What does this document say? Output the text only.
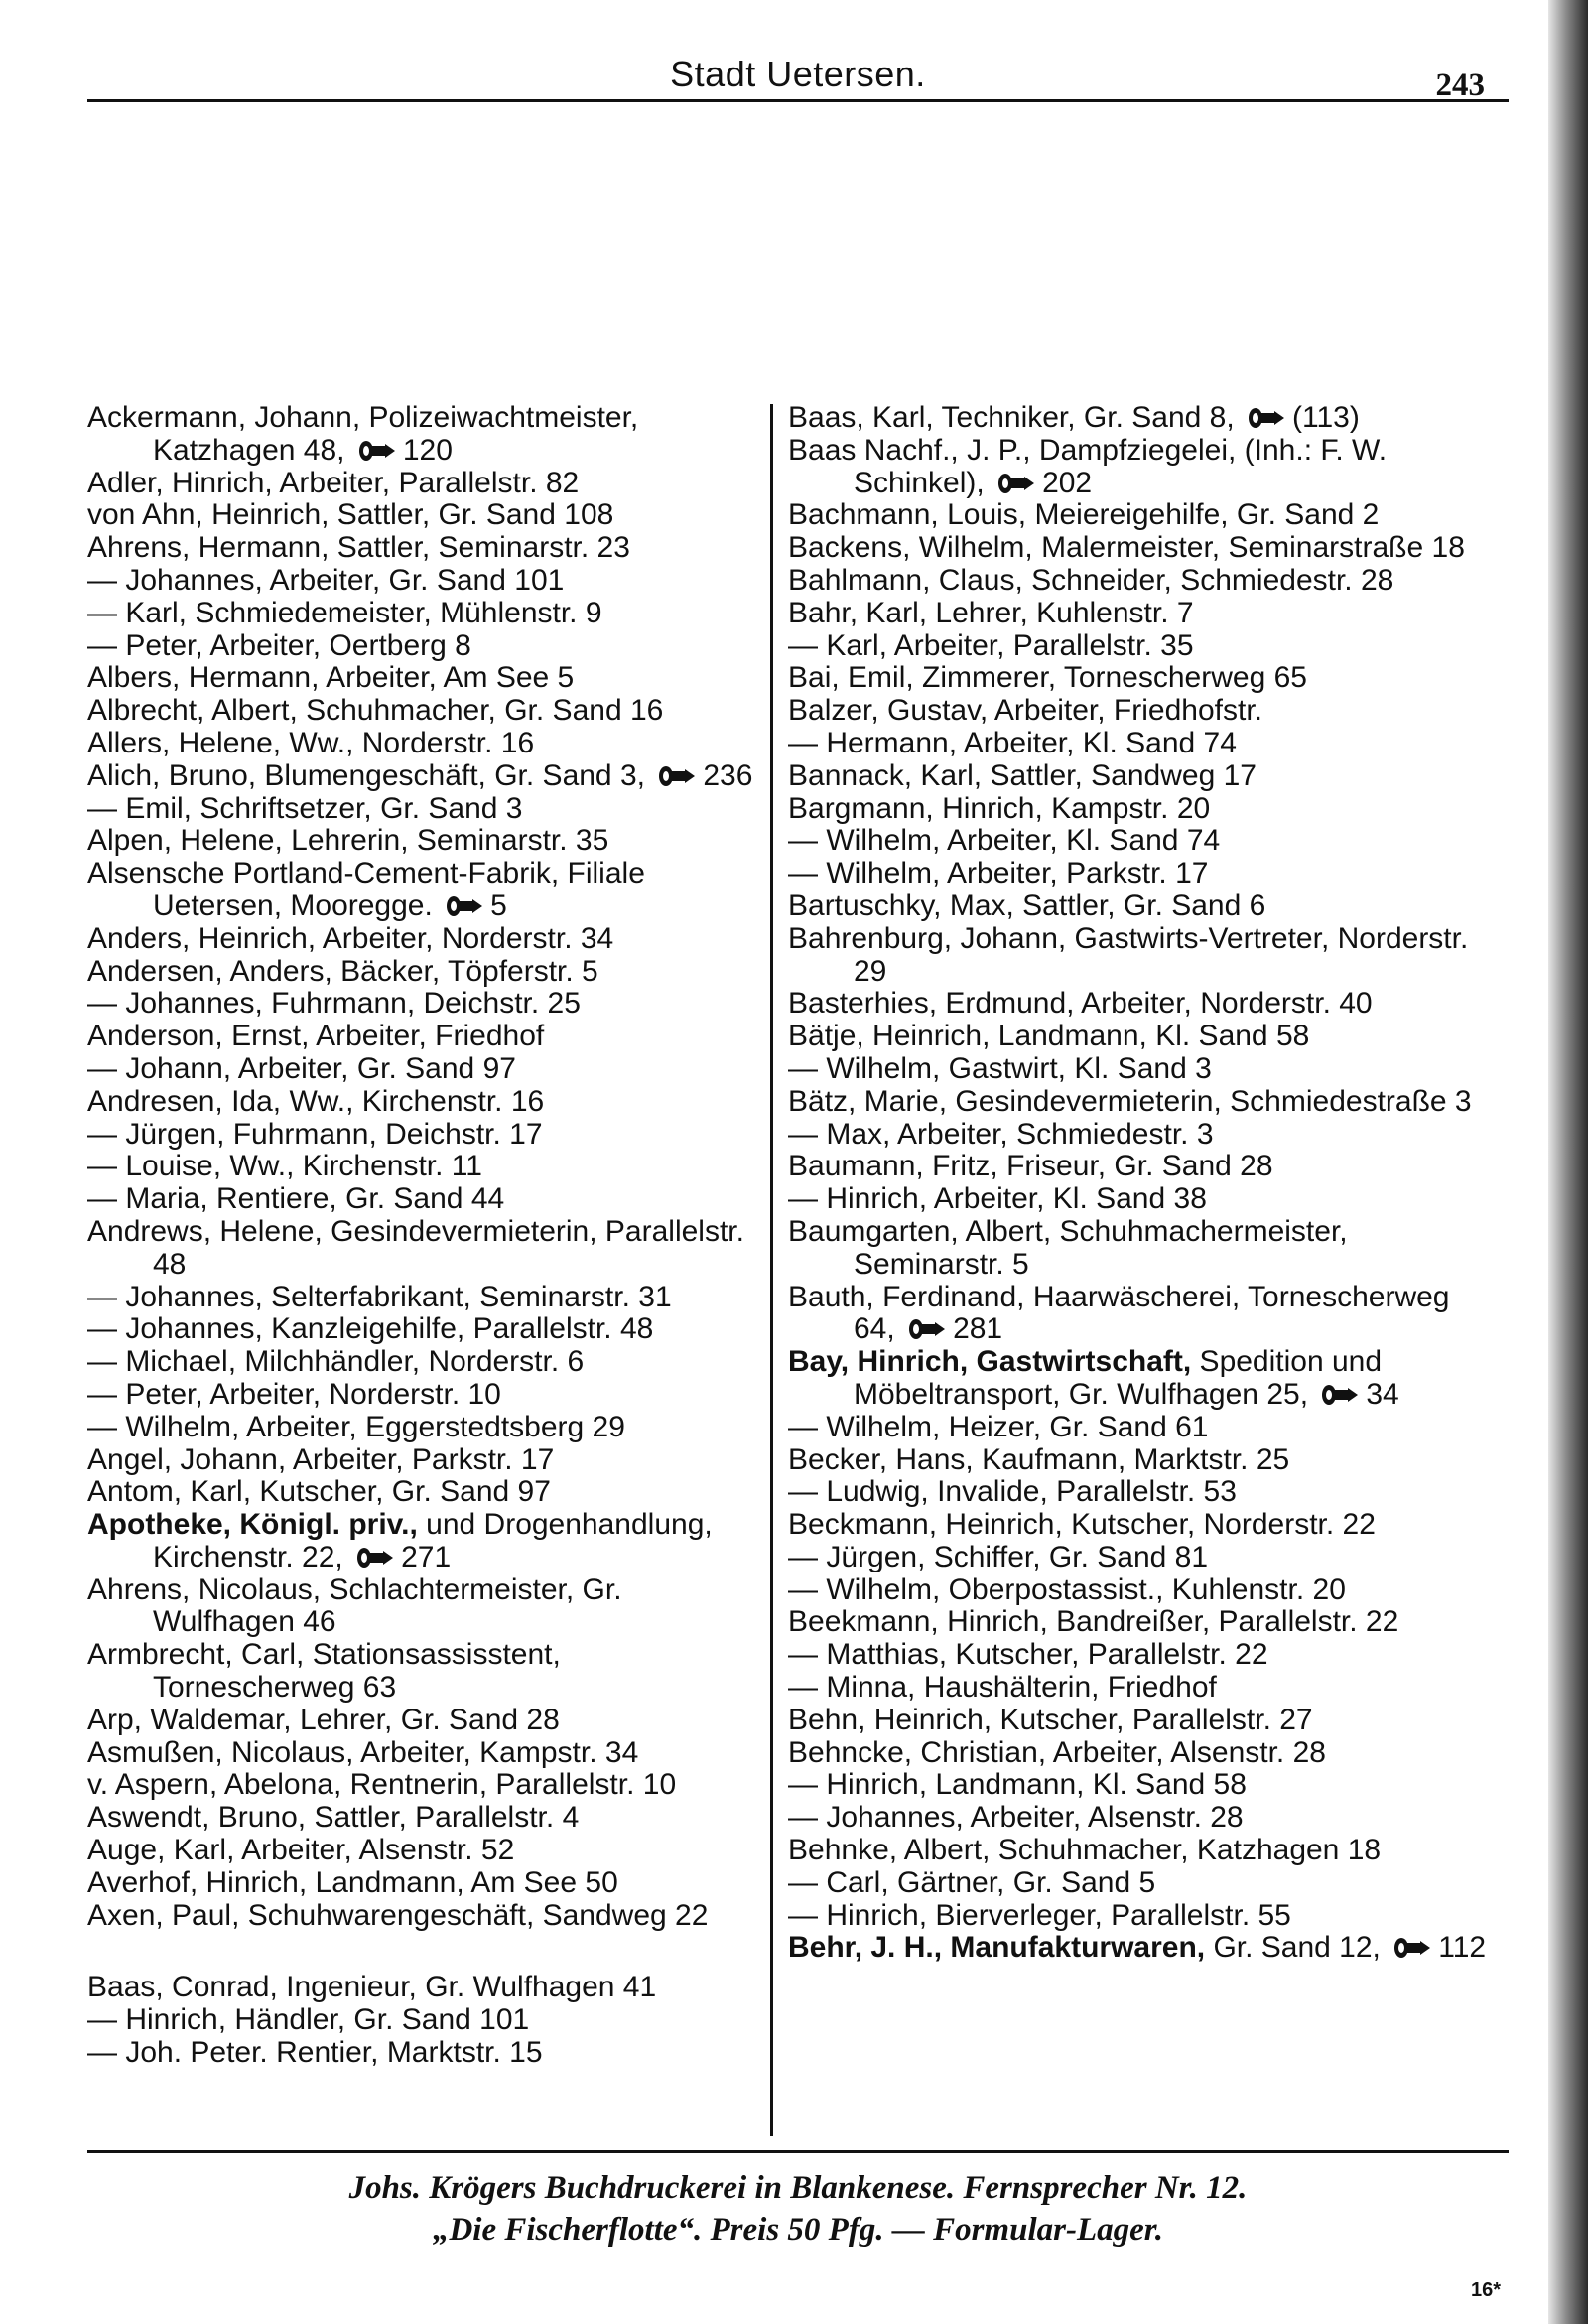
Stadt Uetersen.	243
Ackermann, Johann, Polizeiwachtmeister, Katzhagen 48, 120
Adler, Hinrich, Arbeiter, Parallelstr. 82
von Ahn, Heinrich, Sattler, Gr. Sand 108
Ahrens, Hermann, Sattler, Seminarstr. 23
— Johannes, Arbeiter, Gr. Sand 101
— Karl, Schmiedemeister, Mühlenstr. 9
— Peter, Arbeiter, Oertberg 8
Albers, Hermann, Arbeiter, Am See 5
Albrecht, Albert, Schuhmacher, Gr. Sand 16
Allers, Helene, Ww., Norderstr. 16
Alich, Bruno, Blumengeschäft, Gr. Sand 3, 236
— Emil, Schriftsetzer, Gr. Sand 3
Alpen, Helene, Lehrerin, Seminarstr. 35
Alsensche Portland-Cement-Fabrik, Filiale Uetersen, Mooregge. 5
Anders, Heinrich, Arbeiter, Norderstr. 34
Andersen, Anders, Bäcker, Töpferstr. 5
— Johannes, Fuhrmann, Deichstr. 25
Anderson, Ernst, Arbeiter, Friedhof
— Johann, Arbeiter, Gr. Sand 97
Andresen, Ida, Ww., Kirchenstr. 16
— Jürgen, Fuhrmann, Deichstr. 17
— Louise, Ww., Kirchenstr. 11
— Maria, Rentiere, Gr. Sand 44
Andrews, Helene, Gesindevermieterin, Parallelstr. 48
— Johannes, Selterfabrikant, Seminarstr. 31
— Johannes, Kanzleigehilfe, Parallelstr. 48
— Michael, Milchhändler, Norderstr. 6
— Peter, Arbeiter, Norderstr. 10
— Wilhelm, Arbeiter, Eggerstedtsberg 29
Angel, Johann, Arbeiter, Parkstr. 17
Antom, Karl, Kutscher, Gr. Sand 97
Apotheke, Königl. priv., und Drogenhandlung, Kirchenstr. 22, 271
Ahrens, Nicolaus, Schlachtermeister, Gr. Wulfhagen 46
Armbrecht, Carl, Stationsassisstent, Tornescherweg 63
Arp, Waldemar, Lehrer, Gr. Sand 28
Asmußen, Nicolaus, Arbeiter, Kampstr. 34
v. Aspern, Abelona, Rentnerin, Parallelstr. 10
Aswendt, Bruno, Sattler, Parallelstr. 4
Auge, Karl, Arbeiter, Alsenstr. 52
Averhof, Hinrich, Landmann, Am See 50
Axen, Paul, Schuhwarengeschäft, Sandweg 22
Baas, Conrad, Ingenieur, Gr. Wulfhagen 41
— Hinrich, Händler, Gr. Sand 101
— Joh. Peter. Rentier, Marktstr. 15
Baas, Karl, Techniker, Gr. Sand 8, (113)
Baas Nachf., J. P., Dampfziegelei, (Inh.: F. W. Schinkel), 202
Bachmann, Louis, Meiereigehilfe, Gr. Sand 2
Backens, Wilhelm, Malermeister, Seminarstraße 18
Bahlmann, Claus, Schneider, Schmiedestr. 28
Bahr, Karl, Lehrer, Kuhlenstr. 7
— Karl, Arbeiter, Parallelstr. 35
Bai, Emil, Zimmerer, Tornescherweg 65
Balzer, Gustav, Arbeiter, Friedhofstr.
— Hermann, Arbeiter, Kl. Sand 74
Bannack, Karl, Sattler, Sandweg 17
Bargmann, Hinrich, Kampstr. 20
— Wilhelm, Arbeiter, Kl. Sand 74
— Wilhelm, Arbeiter, Parkstr. 17
Bartuschky, Max, Sattler, Gr. Sand 6
Bahrenburg, Johann, Gastwirts-Vertreter, Norderstr. 29
Basterhies, Erdmund, Arbeiter, Norderstr. 40
Bätje, Heinrich, Landmann, Kl. Sand 58
— Wilhelm, Gastwirt, Kl. Sand 3
Bätz, Marie, Gesindevermieterin, Schmiedestraße 3
— Max, Arbeiter, Schmiedestr. 3
Baumann, Fritz, Friseur, Gr. Sand 28
— Hinrich, Arbeiter, Kl. Sand 38
Baumgarten, Albert, Schuhmachermeister, Seminarstr. 5
Bauth, Ferdinand, Haarwäscherei, Tornescherweg 64, 281
Bay, Hinrich, Gastwirtschaft, Spedition und Möbeltransport, Gr. Wulfhagen 25, 34
— Wilhelm, Heizer, Gr. Sand 61
Becker, Hans, Kaufmann, Marktstr. 25
— Ludwig, Invalide, Parallelstr. 53
Beckmann, Heinrich, Kutscher, Norderstr. 22
— Jürgen, Schiffer, Gr. Sand 81
— Wilhelm, Oberpostassist., Kuhlenstr. 20
Beekmann, Hinrich, Bandreißer, Parallelstr. 22
— Matthias, Kutscher, Parallelstr. 22
— Minna, Haushälterin, Friedhof
Behn, Heinrich, Kutscher, Parallelstr. 27
Behncke, Christian, Arbeiter, Alsenstr. 28
— Hinrich, Landmann, Kl. Sand 58
— Johannes, Arbeiter, Alsenstr. 28
Behnke, Albert, Schuhmacher, Katzhagen 18
— Carl, Gärtner, Gr. Sand 5
— Hinrich, Bierverleger, Parallelstr. 55
Behr, J. H., Manufakturwaren, Gr. Sand 12, 112
Johs. Krögers Buchdruckerei in Blankenese. Fernsprecher Nr. 12.
„Die Fischerflotte“. Preis 50 Pfg. — Formular-Lager.
16*
